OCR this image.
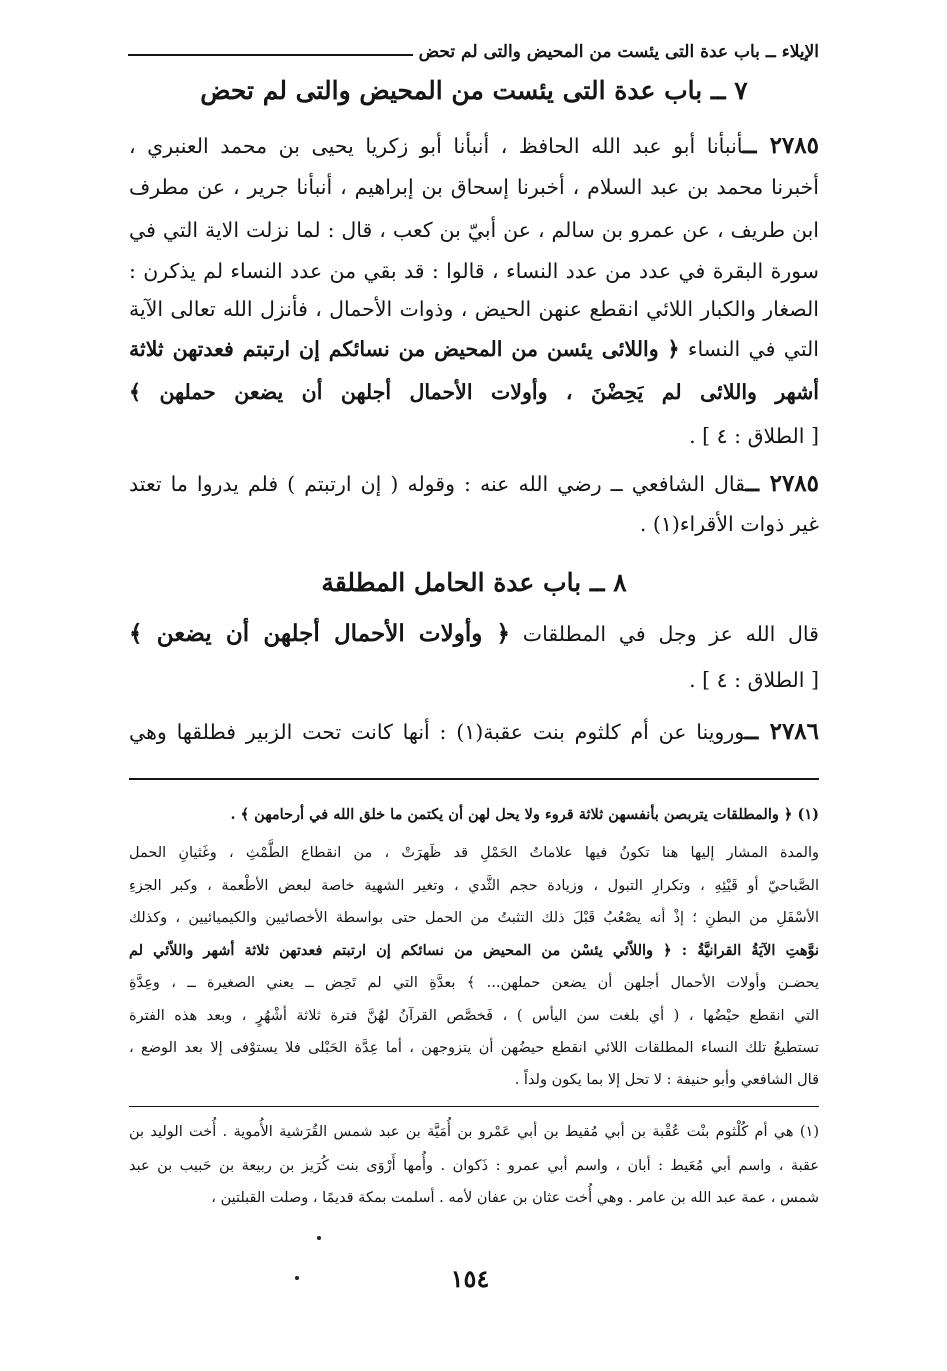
الإيلاء ــ باب عدة التى يئست من المحيض والتى لم تحض
٧ ــ باب عدة التى يئست من المحيض والتى لم تحض
٢٧٨٥ ــأنبأنا أبو عبد الله الحافظ ، أنبأنا أبو زكريا يحيى بن محمد العنبري ،
أخبرنا محمد بن عبد السلام ، أخبرنا إسحاق بن إبراهيم ، أنبأنا جرير ، عن مطرف
ابن طريف ، عن عمرو بن سالم ، عن أبيّ بن كعب ، قال : لما نزلت الاية التي في
سورة البقرة في عدد من عدد النساء ، قالوا : قد بقي من عدد النساء لم يذكرن :
الصغار والكبار اللائي انقطع عنهن الحيض ، وذوات الأحمال ، فأنزل الله تعالى الآية
التي في النساء ﴿ واللائى يئسن من المحيض من نسائكم إن ارتبتم فعدتهن ثلاثة
أشهر واللائى لم يَحِضْنَ ، وأولات الأحمال أجلهن أن يضعن حملهن ﴾
[ الطلاق : ٤ ] .
٢٧٨٥ ــقال الشافعي ــ رضي الله عنه : وقوله ( إن ارتبتم ) فلم يدروا ما تعتد
غير ذوات الأقراء(١) .
٨ ــ باب عدة الحامل المطلقة
قال الله عز وجل في المطلقات ﴿ وأولات الأحمال أجلهن أن يضعن ﴾
[ الطلاق : ٤ ] .
٢٧٨٦ ــوروينا عن أم كلثوم بنت عقبة(١) : أنها كانت تحت الزبير فطلقها وهي
(١) ﴿ والمطلقات يتربصن بأنفسهن ثلاثة قروء ولا يحل لهن أن يكتمن ما خلق الله في أرحامهن ﴾ .
والمدة المشار إليها هنا تكونُ فيها علاماتُ الحَمْلِ قد ظَهرَتْ ، من انقطاع الطَّمْثِ ، وغَثيانِ الحمل
الصَّباحيّ أو قَيْئِهِ ، وتكرارِ التبول ، وزيادة حجم الثَّدي ، وتغير الشهية خاصة لبعض الأطْعمة ، وكبر الجزءِ
الأسْفَلِ من البطنِ ؛ إذْ أنه يصْعُبُ قَبْلَ ذلك التثبتُ من الحمل حتى بواسطة الأخصائيين والكيميائيين ، وكذلك
نوَّهتِ الآيَةُ القرانيَّةُ : ﴿ واللاّئي يئسْن من المحيض من نسائكم إن ارتبتم فعدتهن ثلاثة أشهر واللاّئي لم
يحضـن وأولات الأحمال أجلهن أن يضعن حملهن... ﴾ بعدَّةِ التي لم تَحِض ــ يعني الصغيرة ــ ، وعِدَّةِ
التي انقطع حيْضُها ، ( أي بلغت سن اليأس ) ، فَخصَّص القرآنُ لهُنَّ فترة ثلاثة أشْهُرٍ ، وبعد هذه الفترة
تستطيعُ تلك النساء المطلقات اللائي انقطع حيضُهن أن يتزوجهن ، أما عِدَّة الحَبْلى فلا يستوْفى إلا بعد الوضع ،
قال الشافعي وأبو حنيفة : لا تحل إلا بما يكون ولداً .
(١) هي أم كُلْثوم بنْت عُقْبة بن أبي مُقيط بن أبي عَمْرو بن أُمَيَّة بن عبد شمس القُرَشية الأُموية . أُخت الوليد بن
عقبة ، واسم أبي مُعَيط : أبان ، واسم أبي عمرو : ذَكوان . وأُمها أَرْوَى بنت كُرَيز بن ربيعة بن حَبيب بن عبد
شمس ، عمة عبد الله بن عامر . وهي أُخت عثان بن عفان لأمه . أسلمت بمكة قديمًا ، وصلت القبلتين ،
١٥٤
